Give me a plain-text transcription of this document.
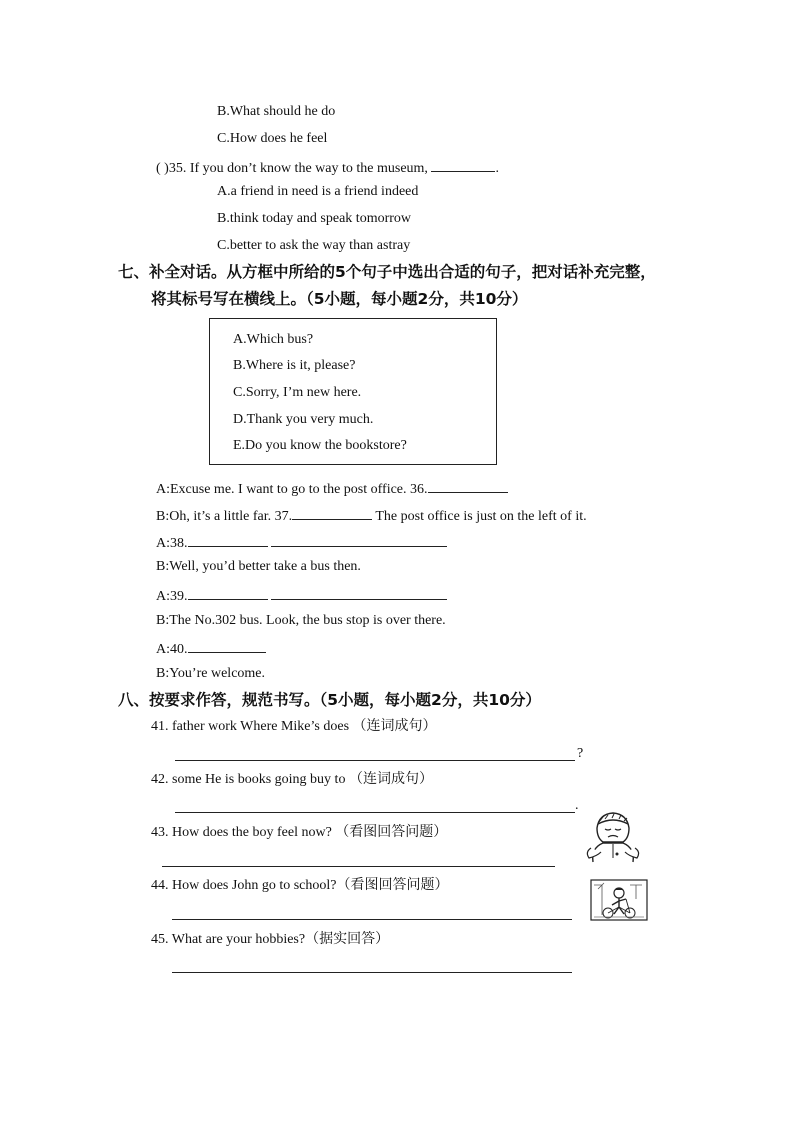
B.What should he do
C.How does he feel
( )35. If you don’t know the way to the museum,	.
A.a friend in need is a friend indeed
B.think today and speak tomorrow
C.better to ask the way than astray
七、补全对话。从方框中所给的5个句子中选出合适的句子，把对话补充完整，
将其标号写在横线上。（5小题，每小题2分，共10分）
A.Which bus?
B.Where is it, please?
C.Sorry, I’m new here.
D.Thank you very much.
E.Do you know the bookstore?
A:Excuse me. I want to go to the post office. 36.
B:Oh, it’s a little far. 37.	The post office is just on the left of it.
A:38.
B:Well, you’d better take a bus then.
A:39.
B:The No.302 bus. Look, the bus stop is over there.
A:40.
B:You’re welcome.
八、按要求作答，规范书写。（5小题，每小题2分，共10分）
41. father work Where Mike’s does （连词成句）
?
42. some He is books going buy to （连词成句）
.
43. How does the boy feel now? （看图回答问题）
44. How does John go to school?（看图回答问题）
45. What are your hobbies?（据实回答）
